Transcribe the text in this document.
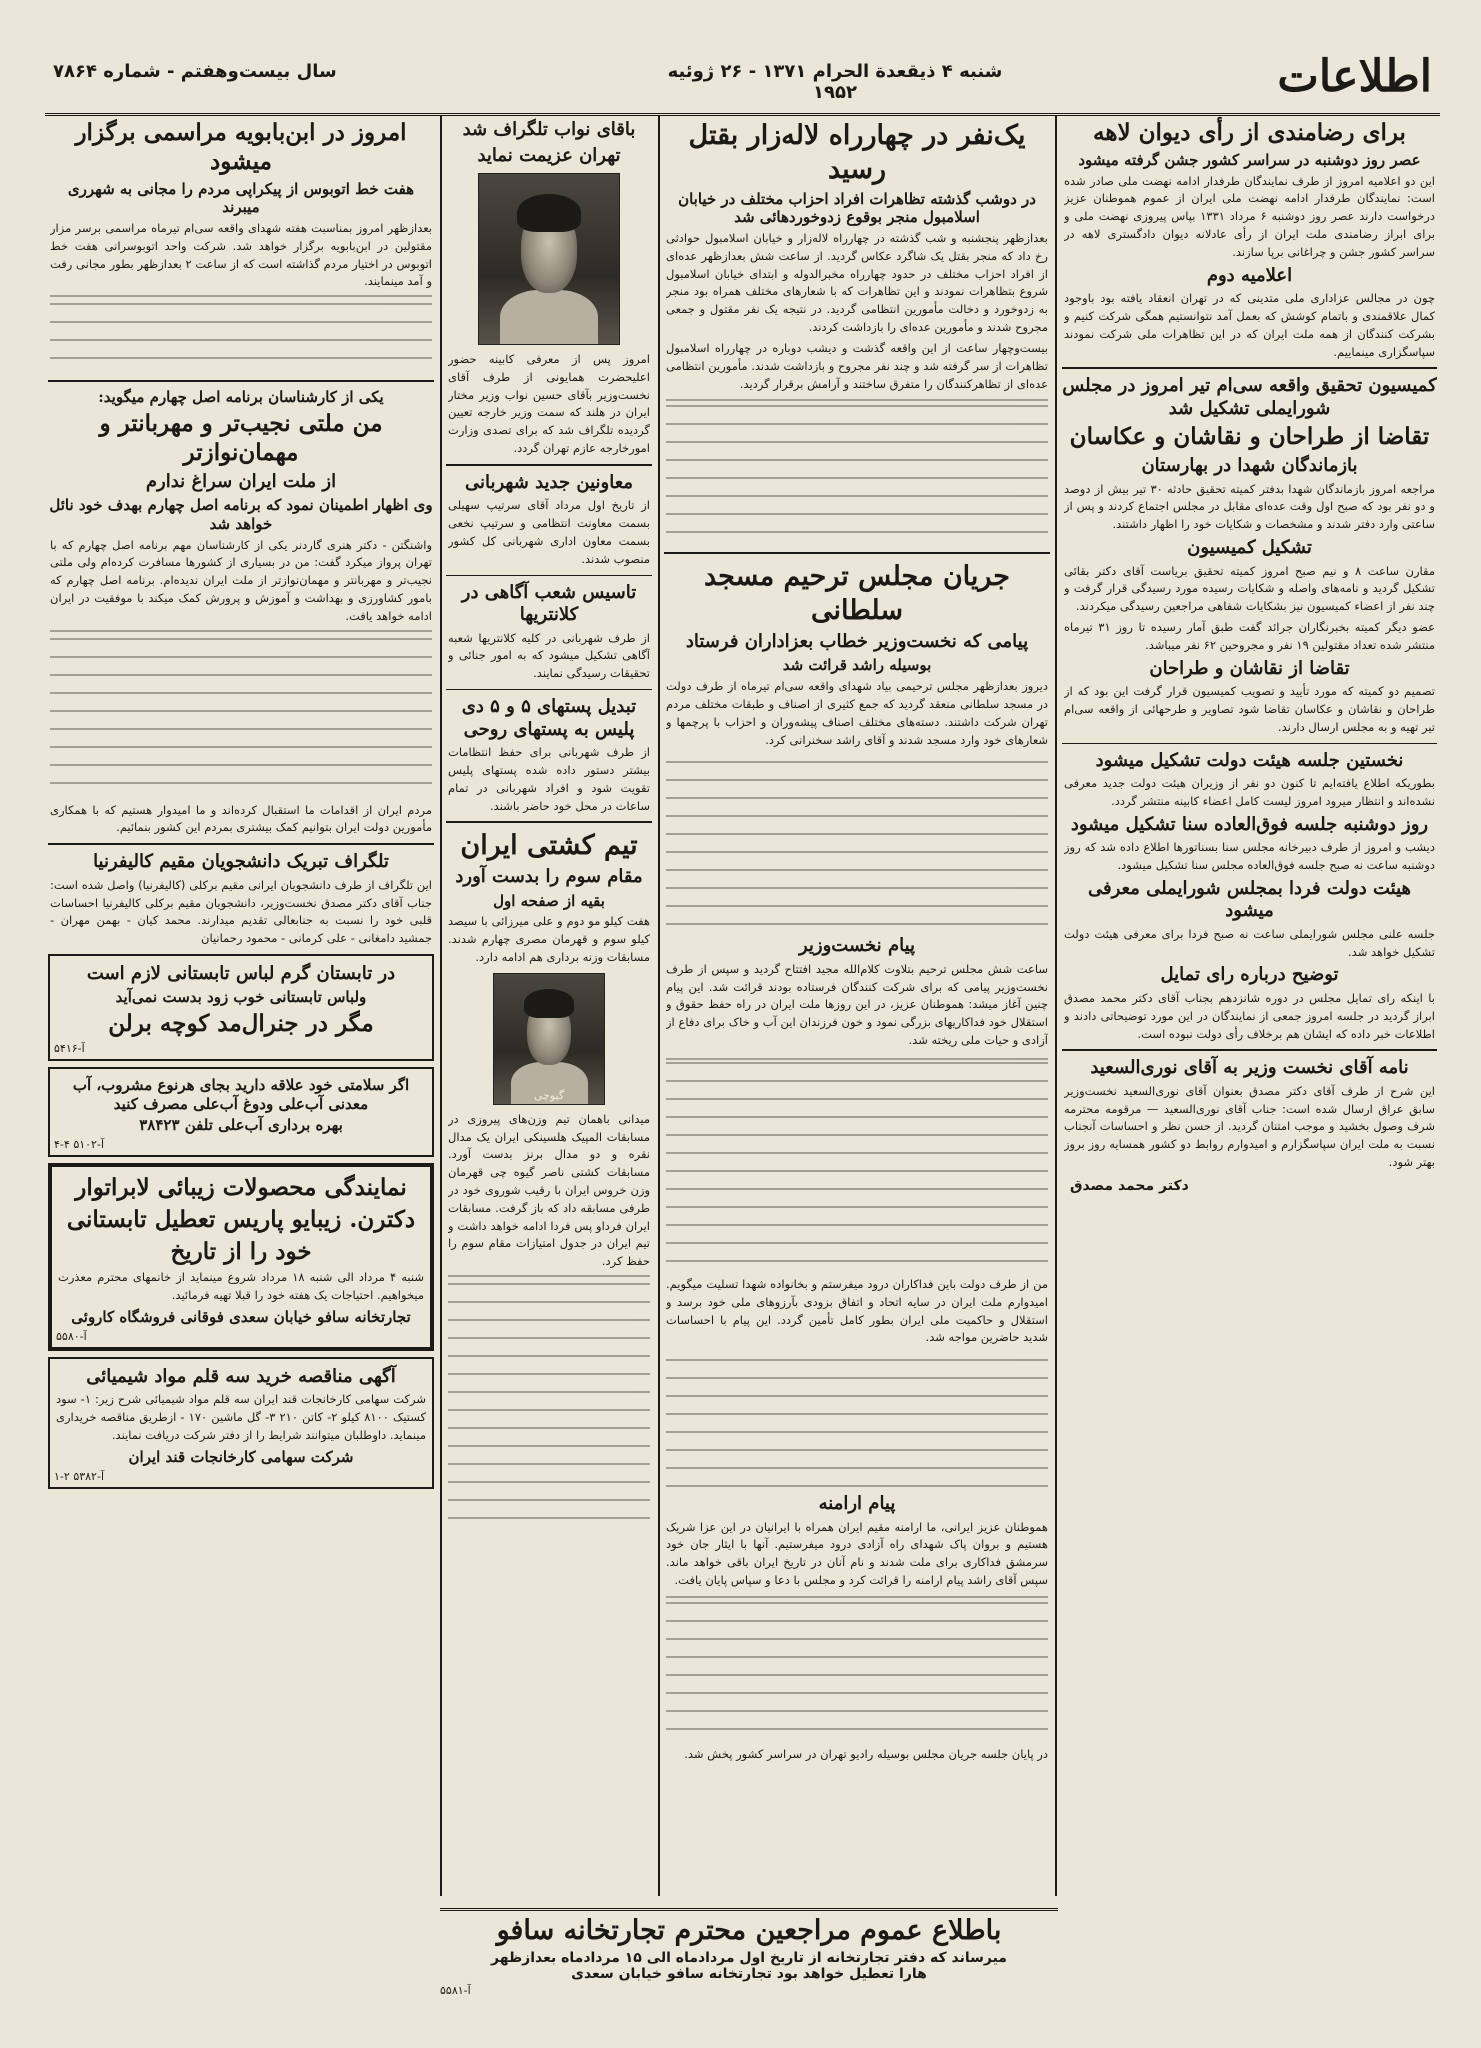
اطلاعات
شنبه ۴ ذیقعدة الحرام ۱۳۷۱ - ۲۶ ژوئیه ۱۹۵۲
سال بیست‌وهفتم - شماره ۷۸۶۴
برای رضامندی از رأی دیوان لاهه
عصر روز دوشنبه در سراسر کشور جشن گرفته میشود
این دو اعلامیه امروز از طرف نمایندگان طرفدار ادامه نهضت ملی صادر شده است: نمایندگان طرفدار ادامه نهضت ملی ایران از عموم هموطنان عزیز درخواست دارند عصر روز دوشنبه ۶ مرداد ۱۳۳۱ بپاس پیروزی نهضت ملی و برای ابراز رضامندی ملت ایران از رأی عادلانه دیوان دادگستری لاهه در سراسر کشور جشن و چراغانی برپا سازند.
اعلامیه دوم
چون در مجالس عزاداری ملی متدینی که در تهران انعقاد یافته بود باوجود کمال علاقمندی و باتمام کوشش که بعمل آمد نتوانستیم همگی شرکت کنیم و بشرکت کنندگان از همه ملت ایران که در این تظاهرات ملی شرکت نمودند سپاسگزاری مینماییم.
کمیسیون تحقیق واقعه سی‌ام تیر امروز در مجلس شورایملی تشکیل شد
تقاضا از طراحان و نقاشان و عکاسان
بازماندگان شهدا در بهارستان
مراجعه امروز بازماندگان شهدا بدفتر کمیته تحقیق حادثه ۳۰ تیر بیش از دوصد و دو نفر بود که صبح اول وقت عده‌ای مقابل در مجلس اجتماع کردند و پس از ساعتی وارد دفتر شدند و مشخصات و شکایات خود را اظهار داشتند.
تشکیل کمیسیون
مقارن ساعت ۸ و نیم صبح امروز کمیته تحقیق بریاست آقای دکتر بقائی تشکیل گردید و نامه‌های واصله و شکایات رسیده مورد رسیدگی قرار گرفت و چند نفر از اعضاء کمیسیون نیز بشکایات شفاهی مراجعین رسیدگی میکردند.
عضو دیگر کمیته بخبرنگاران جرائد گفت طبق آمار رسیده تا روز ۳۱ تیرماه منتشر شده تعداد مقتولین ۱۹ نفر و مجروحین ۶۲ نفر میباشد.
تقاضا از نقاشان و طراحان
تصمیم دو کمیته که مورد تأیید و تصویب کمیسیون قرار گرفت این بود که از طراحان و نقاشان و عکاسان تقاضا شود تصاویر و طرحهائی از واقعه سی‌ام تیر تهیه و به مجلس ارسال دارند.
نخستین جلسه هیئت دولت تشکیل میشود
بطوریکه اطلاع یافته‌ایم تا کنون دو نفر از وزیران هیئت دولت جدید معرفی نشده‌اند و انتظار میرود امروز لیست کامل اعضاء کابینه منتشر گردد.
روز دوشنبه جلسه فوق‌العاده سنا تشکیل میشود
دیشب و امروز از طرف دبیرخانه مجلس سنا بسناتورها اطلاع داده شد که روز دوشنبه ساعت نه صبح جلسه فوق‌العاده مجلس سنا تشکیل میشود.
هیئت دولت فردا بمجلس شورایملی معرفی میشود
جلسه علنی مجلس شورایملی ساعت نه صبح فردا برای معرفی هیئت دولت تشکیل خواهد شد.
توضیح درباره رای تمایل
با اینکه رای تمایل مجلس در دوره شانزدهم بجناب آقای دکتر محمد مصدق ابراز گردید در جلسه امروز جمعی از نمایندگان در این مورد توضیحاتی دادند و اطلاعات خبر داده که ایشان هم برخلاف رأی دولت نبوده است.
نامه آقای نخست وزیر به آقای نوری‌السعید
این شرح از طرف آقای دکتر مصدق بعنوان آقای نوری‌السعید نخست‌وزیر سابق عراق ارسال شده است: جناب آقای نوری‌السعید — مرقومه محترمه شرف وصول بخشید و موجب امتنان گردید. از حسن نظر و احساسات آنجناب نسبت به ملت ایران سپاسگزارم و امیدوارم روابط دو کشور همسایه روز بروز بهتر شود.
دکتر محمد مصدق
یک‌نفر در چهارراه لاله‌زار بقتل رسید
در دوشب گذشته تظاهرات افراد احزاب مختلف در خیابان اسلامبول منجر بوقوع زدوخوردهائی شد
بعدازظهر پنجشنبه و شب گذشته در چهارراه لاله‌زار و خیابان اسلامبول حوادثی رخ داد که منجر بقتل یک شاگرد عکاس گردید. از ساعت شش بعدازظهر عده‌ای از افراد احزاب مختلف در حدود چهارراه مخبرالدوله و ابتدای خیابان اسلامبول شروع بتظاهرات نمودند و این تظاهرات که با شعارهای مختلف همراه بود منجر به زدوخورد و دخالت مأمورین انتظامی گردید. در نتیجه یک نفر مقتول و جمعی مجروح شدند و مأمورین عده‌ای را بازداشت کردند.
بیست‌وچهار ساعت از این واقعه گذشت و دیشب دوباره در چهارراه اسلامبول تظاهرات از سر گرفته شد و چند نفر مجروح و بازداشت شدند. مأمورین انتظامی عده‌ای از تظاهرکنندگان را متفرق ساختند و آرامش برقرار گردید.
جریان مجلس ترحیم مسجد سلطانی
پیامی که نخست‌وزیر خطاب بعزاداران فرستاد
بوسیله راشد قرائت شد
دیروز بعدازظهر مجلس ترحیمی بیاد شهدای واقعه سی‌ام تیرماه از طرف دولت در مسجد سلطانی منعقد گردید که جمع کثیری از اصناف و طبقات مختلف مردم تهران شرکت داشتند. دسته‌های مختلف اصناف پیشه‌وران و احزاب با پرچمها و شعارهای خود وارد مسجد شدند و آقای راشد سخنرانی کرد.
پیام نخست‌وزیر
ساعت شش مجلس ترحیم بتلاوت کلام‌الله مجید افتتاح گردید و سپس از طرف نخست‌وزیر پیامی که برای شرکت کنندگان فرستاده بودند قرائت شد. این پیام چنین آغاز میشد: هموطنان عزیز، در این روزها ملت ایران در راه حفظ حقوق و استقلال خود فداکاریهای بزرگی نمود و خون فرزندان این آب و خاک برای دفاع از آزادی و حیات ملی ریخته شد.
من از طرف دولت باین فداکاران درود میفرستم و بخانواده شهدا تسلیت میگویم. امیدوارم ملت ایران در سایه اتحاد و اتفاق بزودی بآرزوهای ملی خود برسد و استقلال و حاکمیت ملی ایران بطور کامل تأمین گردد. این پیام با احساسات شدید حاضرین مواجه شد.
پیام ارامنه
هموطنان عزیز ایرانی، ما ارامنه مقیم ایران همراه با ایرانیان در این عزا شریک هستیم و بروان پاک شهدای راه آزادی درود میفرستیم. آنها با ایثار جان خود سرمشق فداکاری برای ملت شدند و نام آنان در تاریخ ایران باقی خواهد ماند. سپس آقای راشد پیام ارامنه را قرائت کرد و مجلس با دعا و سپاس پایان یافت.
در پایان جلسه جریان مجلس بوسیله رادیو تهران در سراسر کشور پخش شد.
باقای نواب تلگراف شد
تهران عزیمت نماید
امروز پس از معرفی کابینه حضور اعلیحضرت همایونی از طرف آقای نخست‌وزیر بآقای حسین نواب وزیر مختار ایران در هلند که سمت وزیر خارجه تعیین گردیده تلگراف شد که برای تصدی وزارت امورخارجه عازم تهران گردد.
معاونین جدید شهربانی
از تاریخ اول مرداد آقای سرتیپ سهیلی بسمت معاونت انتظامی و سرتیپ نخعی بسمت معاون اداری شهربانی کل کشور منصوب شدند.
تاسیس شعب آگاهی در کلانتریها
از طرف شهربانی در کلیه کلانتریها شعبه آگاهی تشکیل میشود که به امور جنائی و تحقیقات رسیدگی نمایند.
تبدیل پستهای ۵ و ۵ دی پلیس به پستهای روحی
از طرف شهربانی برای حفظ انتظامات بیشتر دستور داده شده پستهای پلیس تقویت شود و افراد شهربانی در تمام ساعات در محل خود حاضر باشند.
تیم کشتی ایران
مقام سوم را بدست آورد
بقیه از صفحه اول
هفت کیلو مو دوم و علی میرزائی با سیصد کیلو سوم و قهرمان مصری چهارم شدند. مسابقات وزنه برداری هم ادامه دارد.
گیوچی
میدانی باهمان تیم وزن‌های پیروزی در مسابقات المپیک هلسینکی ایران یک مدال نقره و دو مدال برنز بدست آورد. مسابقات کشتی ناصر گیوه چی قهرمان وزن خروس ایران با رقیب شوروی خود در طرفی مسابقه داد که باز گرفت. مسابقات ایران فرداو پس فردا ادامه خواهد داشت و تیم ایران در جدول امتیازات مقام سوم را حفظ کرد.
امروز در ابن‌بابویه مراسمی برگزار میشود
هفت خط اتوبوس از پیکراپی مردم را مجانی به شهرری میبرند
بعدازظهر امروز بمناسبت هفته شهدای واقعه سی‌ام تیرماه مراسمی برسر مزار مقتولین در ابن‌بابویه برگزار خواهد شد. شرکت واحد اتوبوسرانی هفت خط اتوبوس در اختیار مردم گذاشته است که از ساعت ۲ بعدازظهر بطور مجانی رفت و آمد مینمایند.
یکی از کارشناسان برنامه اصل چهارم میگوید:
من ملتی نجیب‌تر و مهربانتر و مهمان‌نوازتر
از ملت ایران سراغ ندارم
وی اظهار اطمینان نمود که برنامه اصل چهارم بهدف خود نائل خواهد شد
واشنگتن - دکتر هنری گاردنر یکی از کارشناسان مهم برنامه اصل چهارم که با تهران پرواز میکرد گفت: من در بسیاری از کشورها مسافرت کرده‌ام ولی ملتی نجیب‌تر و مهربانتر و مهمان‌نوازتر از ملت ایران ندیده‌ام. برنامه اصل چهارم که بامور کشاورزی و بهداشت و آموزش و پرورش کمک میکند با موفقیت در ایران ادامه خواهد یافت.
مردم ایران از اقدامات ما استقبال کرده‌اند و ما امیدوار هستیم که با همکاری مأمورین دولت ایران بتوانیم کمک بیشتری بمردم این کشور بنمائیم.
تلگراف تبریک دانشجویان مقیم کالیفرنیا
این تلگراف از طرف دانشجویان ایرانی مقیم برکلی (کالیفرنیا) واصل شده است: جناب آقای دکتر مصدق نخست‌وزیر، دانشجویان مقیم برکلی کالیفرنیا احساسات قلبی خود را نسبت به جنابعالی تقدیم میدارند. محمد کیان - بهمن مهران - جمشید دامغانی - علی کرمانی - محمود رحمانیان
در تابستان گرم لباس تابستانی لازم است
ولباس تابستانی خوب زود بدست نمی‌آید
مگر در جنرال‌مد کوچه برلن
آ-۵۴۱۶
اگر سلامتی خود علاقه دارید بجای هرنوع مشروب، آب معدنی آب‌علی ودوغ آب‌علی مصرف کنید
بهره برداری آب‌علی تلفن ۳۸۴۲۳
آ-۵۱۰۲ ۴-۴
نمایندگی محصولات زیبائی لابراتوار
دکترن. زیبایو پاریس تعطیل تابستانی
خود را از تاریخ
شنبه ۴ مرداد الی شنبه ۱۸ مرداد شروع مینماید از خانمهای محترم معذرت میخواهیم. احتیاجات یک هفته خود را قبلا تهیه فرمائید.
تجارتخانه سافو خیابان سعدی فوقانی فروشگاه کاروئی
آ-۵۵۸۰
آگهی مناقصه خرید سه قلم مواد شیمیائی
شرکت سهامی کارخانجات قند ایران سه قلم مواد شیمیائی شرح زیر: ۱- سود کستیک ۸۱۰۰ کیلو ۲- کاتن ۲۱۰ ۳- گل ماشین ۱۷۰ - ازطریق مناقصه خریداری مینماید. داوطلبان میتوانند شرایط را از دفتر شرکت دریافت نمایند.
شرکت سهامی کارخانجات قند ایران
آ-۵۳۸۲ ۲-۱
باطلاع عموم مراجعین محترم تجارتخانه سافو
میرساند که دفتر تجارتخانه از تاریخ اول مردادماه الی ۱۵ مردادماه بعدازظهر
هارا تعطیل خواهد بود تجارتخانه سافو خیابان سعدی
آ-۵۵۸۱
